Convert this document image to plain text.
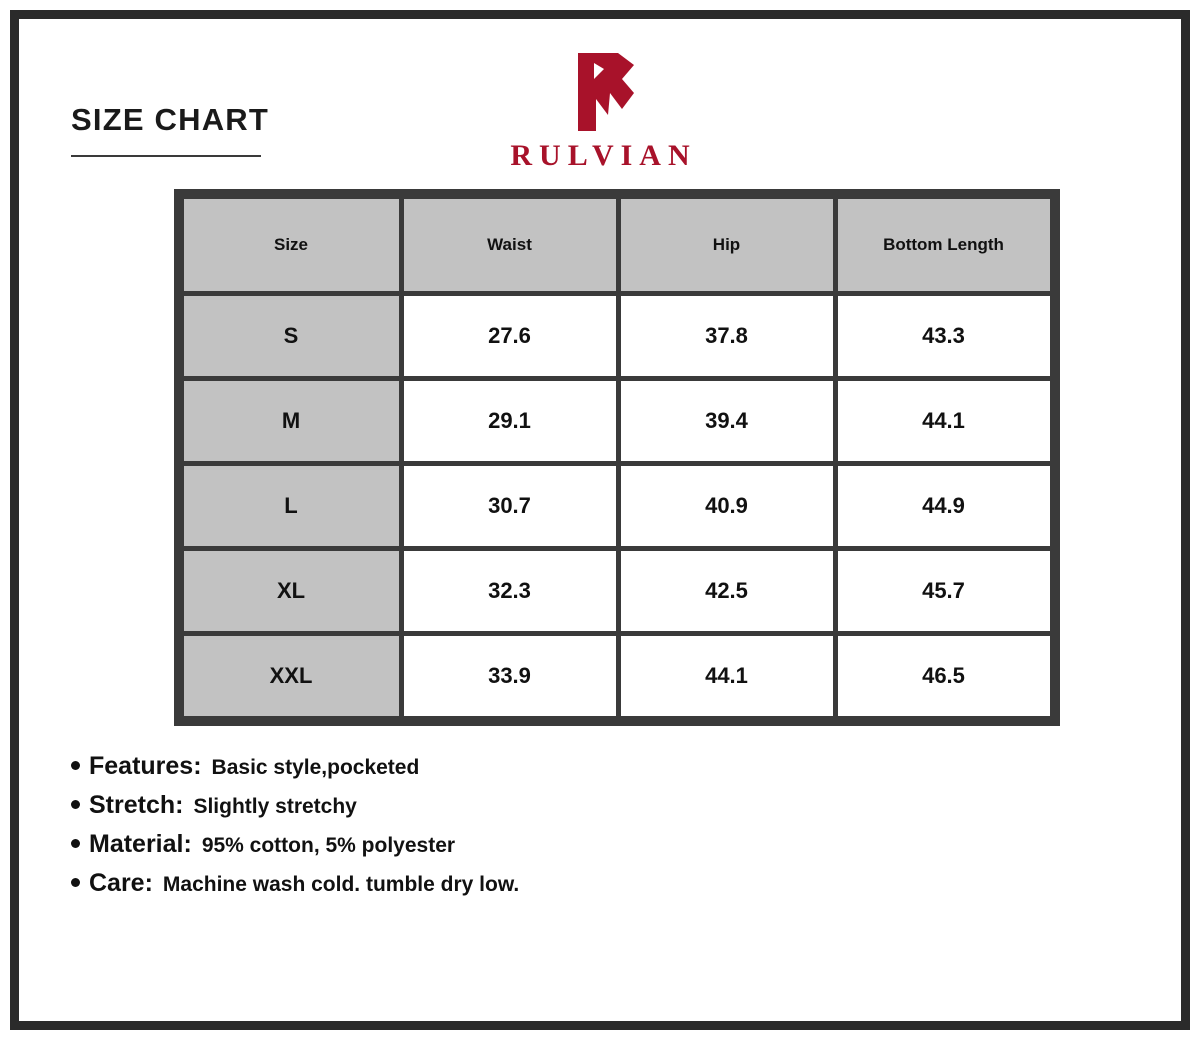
SIZE CHART
RULVIAN
Size	Waist	Hip	Bottom Length
S	27.6	37.8	43.3
M	29.1	39.4	44.1
L	30.7	40.9	44.9
XL	32.3	42.5	45.7
XXL	33.9	44.1	46.5
Features: Basic style,pocketed
Stretch: Slightly stretchy
Material: 95% cotton, 5% polyester
Care: Machine wash cold. tumble dry low.
